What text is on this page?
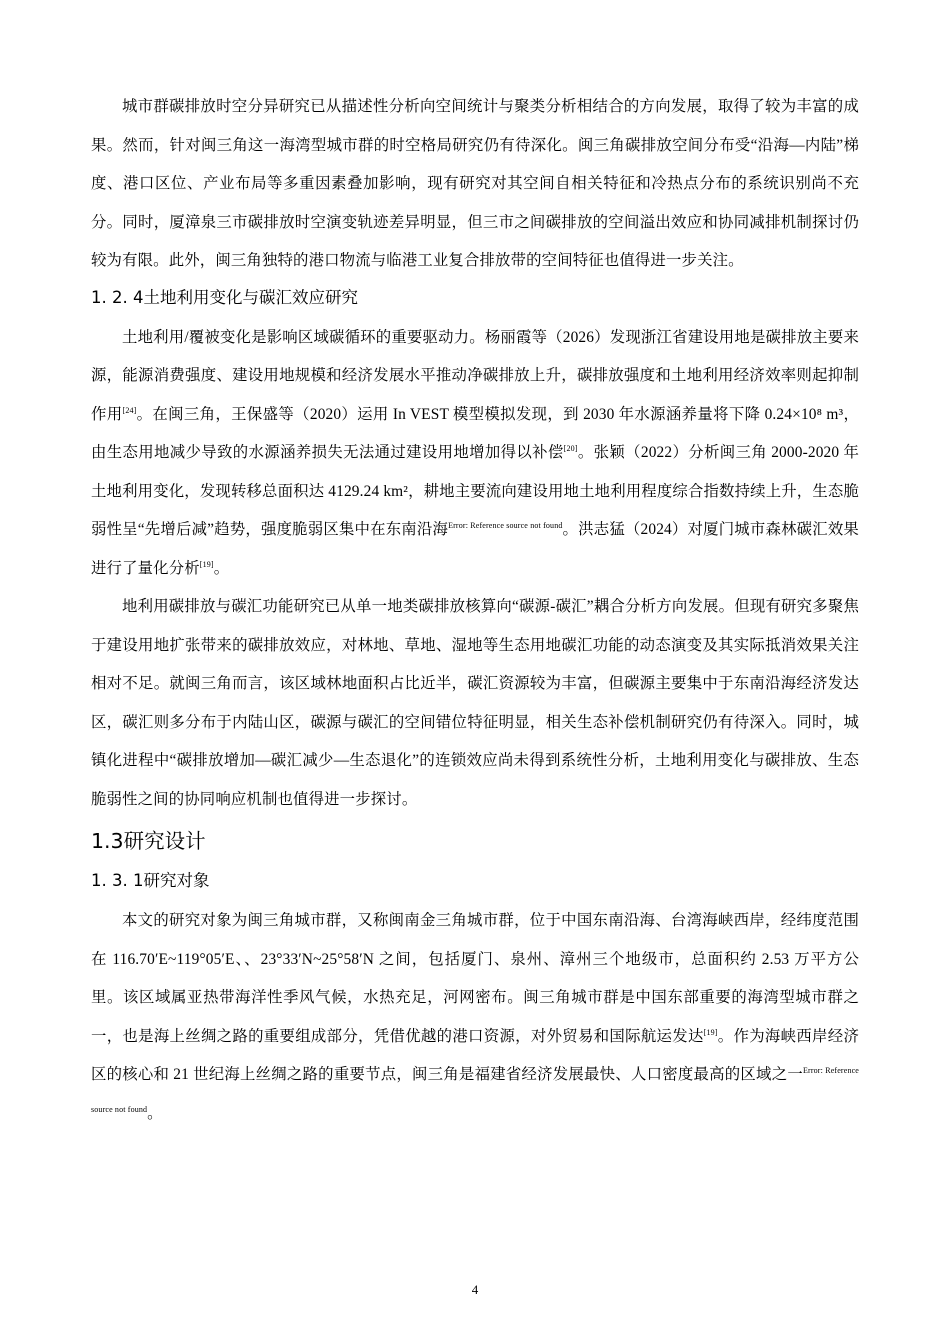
城市群碳排放时空分异研究已从描述性分析向空间统计与聚类分析相结合的方向发展，取得了较为丰富的成果。然而，针对闽三角这一海湾型城市群的时空格局研究仍有待深化。闽三角碳排放空间分布受“沿海—内陆”梯度、港口区位、产业布局等多重因素叠加影响，现有研究对其空间自相关特征和冷热点分布的系统识别尚不充分。同时，厦漳泉三市碳排放时空演变轨迹差异明显，但三市之间碳排放的空间溢出效应和协同减排机制探讨仍较为有限。此外，闽三角独特的港口物流与临港工业复合排放带的空间特征也值得进一步关注。

1. 2. 4土地利用变化与碳汇效应研究

土地利用/覆被变化是影响区域碳循环的重要驱动力。杨丽霞等（2026）发现浙江省建设用地是碳排放主要来源，能源消费强度、建设用地规模和经济发展水平推动净碳排放上升，碳排放强度和土地利用经济效率则起抑制作用[24]。在闽三角，王保盛等（2020）运用 In VEST 模型模拟发现，到 2030 年水源涵养量将下降 0.24×10⁸ m³，由生态用地减少导致的水源涵养损失无法通过建设用地增加得以补偿[20]。张颖（2022）分析闽三角 2000-2020 年土地利用变化，发现转移总面积达 4129.24 km²，耕地主要流向建设用地土地利用程度综合指数持续上升，生态脆弱性呈“先增后减”趋势，强度脆弱区集中在东南沿海$^{Error: Reference source not found}$。洪志猛（2024）对厦门城市森林碳汇效果进行了量化分析[19]。

地利用碳排放与碳汇功能研究已从单一地类碳排放核算向“碳源-碳汇”耦合分析方向发展。但现有研究多聚焦于建设用地扩张带来的碳排放效应，对林地、草地、湿地等生态用地碳汇功能的动态演变及其实际抵消效果关注相对不足。就闽三角而言，该区域林地面积占比近半，碳汇资源较为丰富，但碳源主要集中于东南沿海经济发达区，碳汇则多分布于内陆山区，碳源与碳汇的空间错位特征明显，相关生态补偿机制研究仍有待深入。同时，城镇化进程中“碳排放增加—碳汇减少—生态退化”的连锁效应尚未得到系统性分析，土地利用变化与碳排放、生态脆弱性之间的协同响应机制也值得进一步探讨。

1.3研究设计
1. 3. 1研究对象

本文的研究对象为闽三角城市群，又称闽南金三角城市群，位于中国东南沿海、台湾海峡西岸，经纬度范围在 116.70′E~119°05′E、、23°33′N~25°58′N 之间，包括厦门、泉州、漳州三个地级市，总面积约 2.53 万平方公里。该区域属亚热带海洋性季风气候，水热充足，河网密布。闽三角城市群是中国东部重要的海湾型城市群之一，也是海上丝绸之路的重要组成部分，凭借优越的港口资源，对外贸易和国际航运发达[19]。作为海峡西岸经济区的核心和 21 世纪海上丝绸之路的重要节点，闽三角是福建省经济发展最快、人口密度最高的区域之一$^{Error: Reference source not found}$。

4
